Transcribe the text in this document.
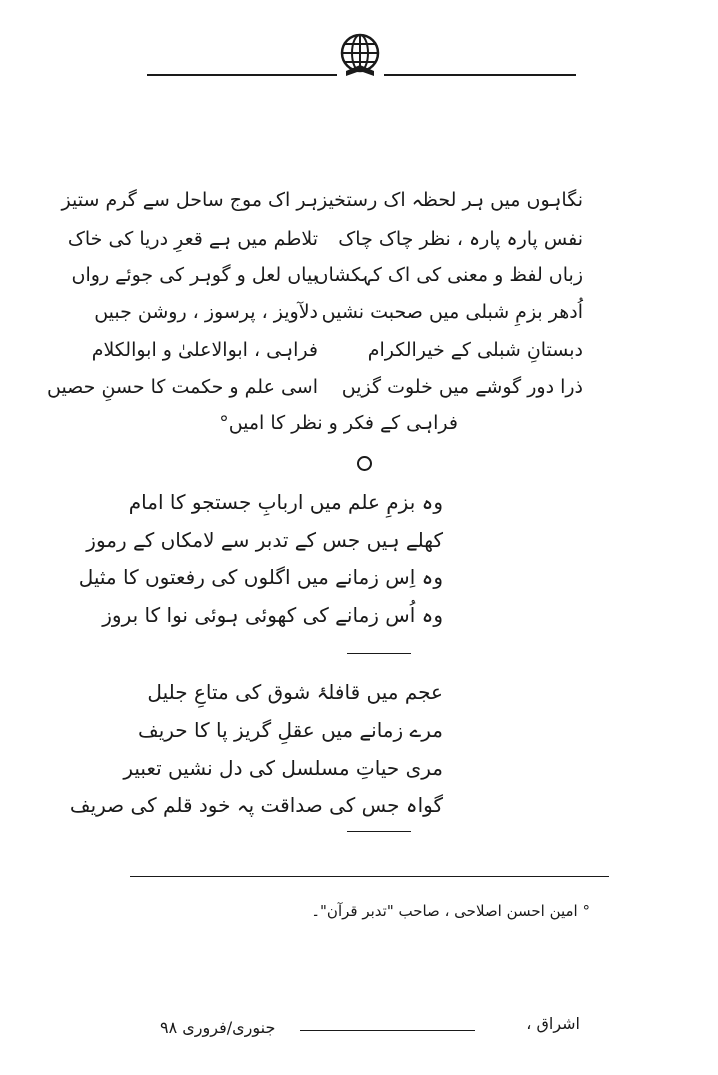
نگاہوں میں ہر لحظہ اک رستخیز
ہر اک موج ساحل سے گرم ستیز
نفس پارہ پارہ ، نظر چاک چاک
تلاطم میں ہے قعرِ دریا کی خاک
زباں لفظ و معنی کی اک کہکشاں
بیاں لعل و گوہر کی جوئے رواں
اُدھر بزمِ شبلی میں صحبت نشیں
دلآویز ، پرسوز ، روشن جبیں
دبستانِ شبلی کے خیرالکرام
فراہی ، ابوالاعلیٰ و ابوالکلام
ذرا دور گوشے میں خلوت گزیں
اسی علم و حکمت کا حسنِ حصیں
فراہی کے فکر و نظر کا امیں°
وہ بزمِ علم میں اربابِ جستجو کا امام
کھلے ہیں جس کے تدبر سے لامکاں کے رموز
وہ اِس زمانے میں اگلوں کی رفعتوں کا مثیل
وہ اُس زمانے کی کھوئی ہوئی نوا کا بروز
عجم میں قافلۂ شوق کی متاعِ جلیل
مرے زمانے میں عقلِ گریز پا کا حریف
مری حیاتِ مسلسل کی دل نشیں تعبیر
گواہ جس کی صداقت پہ خود قلم کی صریف
° امین احسن اصلاحی ، صاحب "تدبر قرآن"۔
اشراق ،
جنوری/فروری ۹۸
